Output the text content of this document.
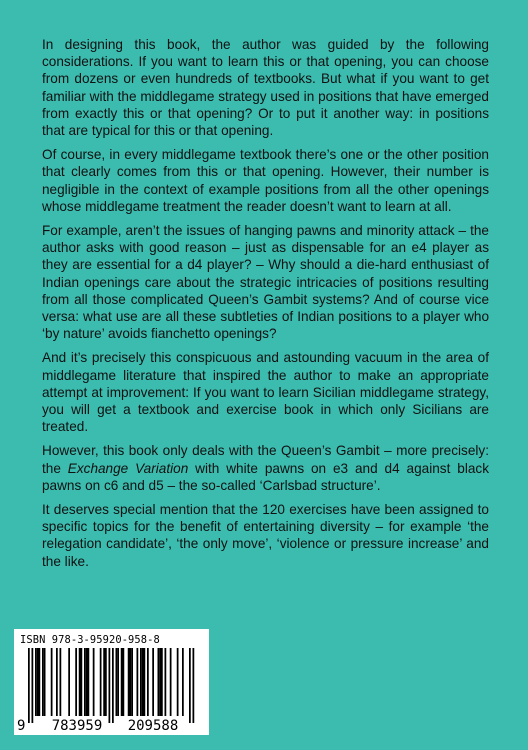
In designing this book, the author was guided by the following considerations. If you want to learn this or that opening, you can choose from dozens or even hundreds of textbooks. But what if you want to get familiar with the middlegame strategy used in positions that have emerged from exactly this or that opening? Or to put it another way: in positions that are typical for this or that opening.

Of course, in every middlegame textbook there’s one or the other position that clearly comes from this or that opening. However, their number is negligible in the context of example positions from all the other openings whose middlegame treatment the reader doesn’t want to learn at all.

For example, aren’t the issues of hanging pawns and minority attack – the author asks with good reason – just as dispensable for an e4 player as they are essential for a d4 player? – Why should a die-hard enthusiast of Indian openings care about the strategic intricacies of positions resulting from all those complicated Queen’s Gambit systems? And of course vice versa: what use are all these subtleties of Indian positions to a player who ‘by nature’ avoids fianchetto openings?

And it’s precisely this conspicuous and astounding vacuum in the area of middlegame literature that inspired the author to make an appropriate attempt at improvement: If you want to learn Sicilian middlegame strategy, you will get a textbook and exercise book in which only Sicilians are treated.

However, this book only deals with the Queen’s Gambit – more precisely: the Exchange Variation with white pawns on e3 and d4 against black pawns on c6 and d5 – the so-called ‘Carlsbad structure’.

It deserves special mention that the 120 exercises have been assigned to specific topics for the benefit of entertaining diversity – for example ‘the relegation candidate’, ‘the only move’, ‘violence or pressure increase’ and the like.

ISBN 978-3-95920-958-8
9 783959 209588
